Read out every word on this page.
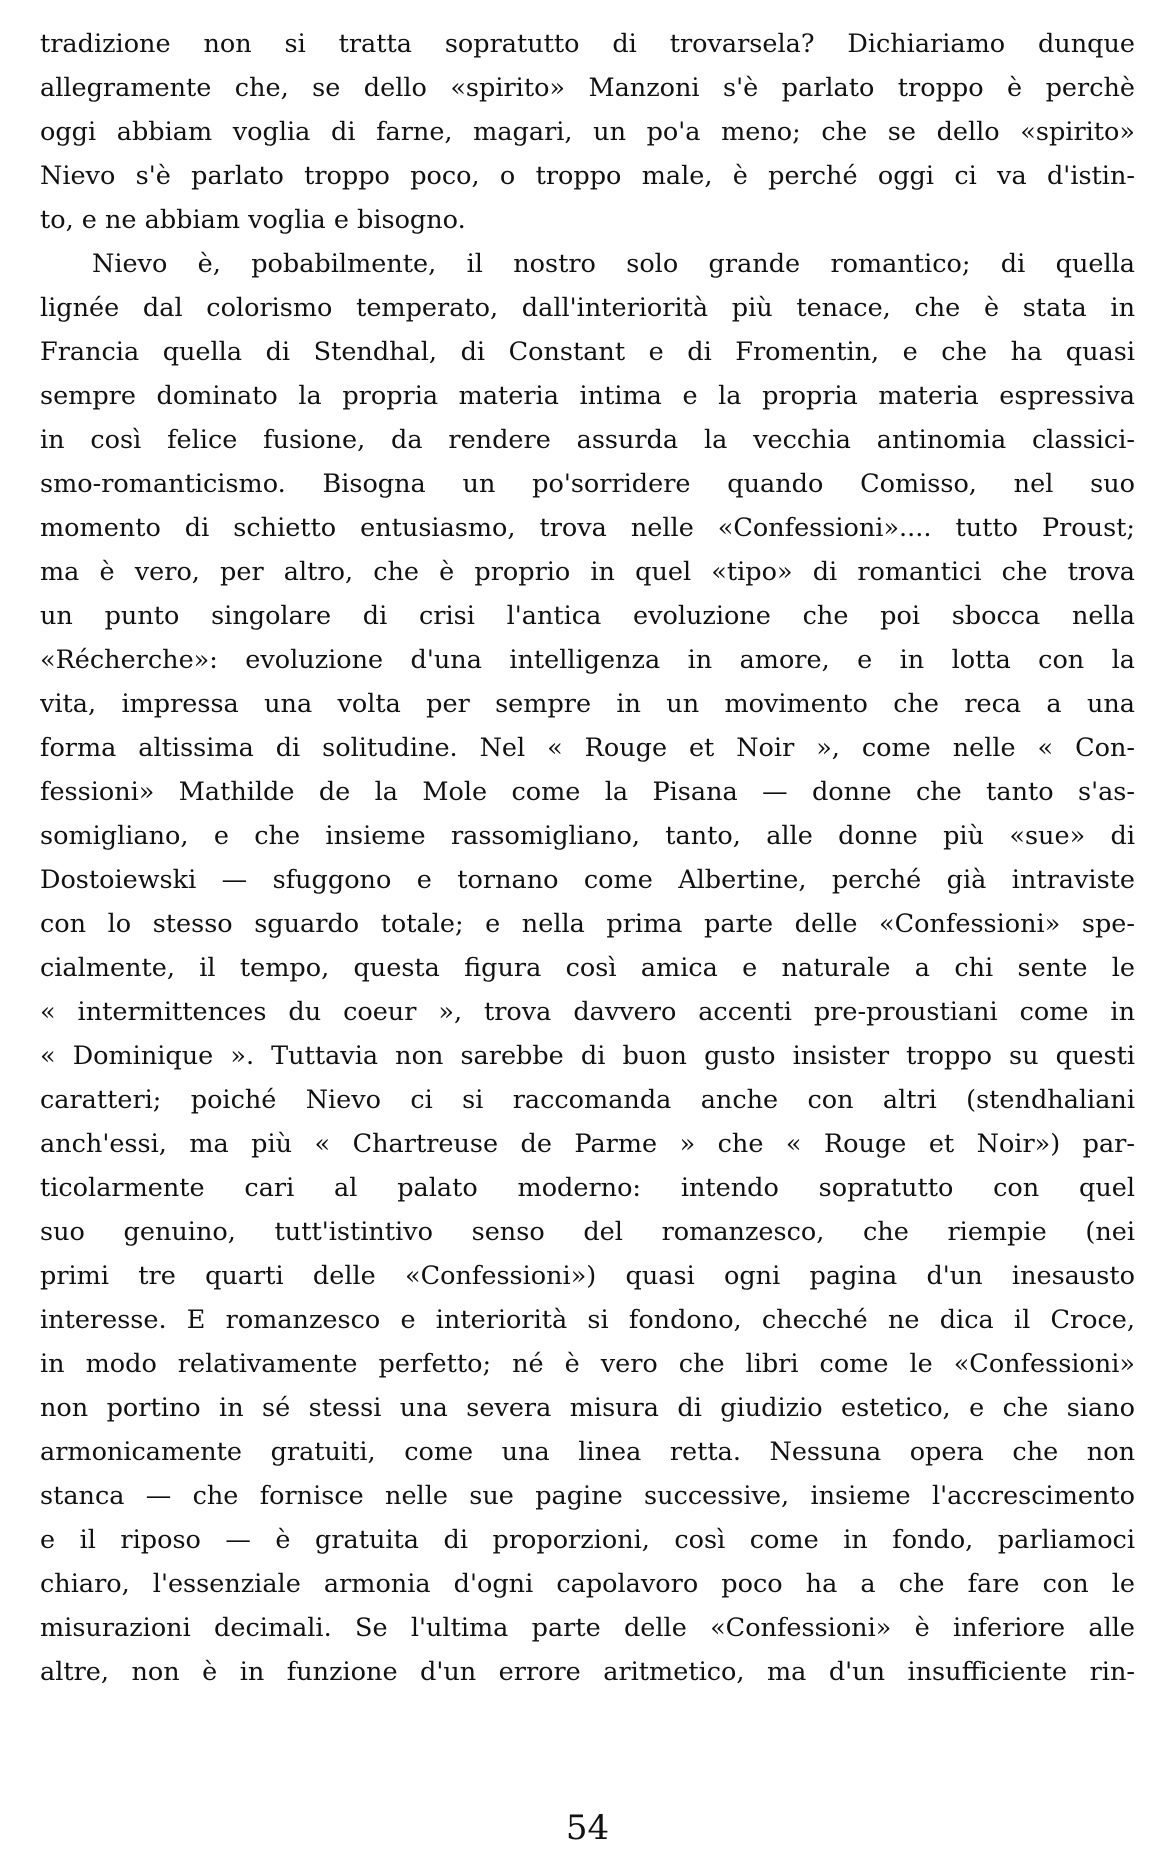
tradizione non si tratta sopratutto di trovarsela? Dichiariamo dunque
allegramente che, se dello «spirito» Manzoni s'è parlato troppo è perchè
oggi abbiam voglia di farne, magari, un po'a meno; che se dello «spirito»
Nievo s'è parlato troppo poco, o troppo male, è perché oggi ci va d'istin-
to, e ne abbiam voglia e bisogno.

Nievo è, pobabilmente, il nostro solo grande romantico; di quella
lignée dal colorismo temperato, dall'interiorità più tenace, che è stata in
Francia quella di Stendhal, di Constant e di Fromentin, e che ha quasi
sempre dominato la propria materia intima e la propria materia espressiva
in così felice fusione, da rendere assurda la vecchia antinomia classici-
smo-romanticismo. Bisogna un po'sorridere quando Comisso, nel suo
momento di schietto entusiasmo, trova nelle «Confessioni».... tutto Proust;
ma è vero, per altro, che è proprio in quel «tipo» di romantici che trova
un punto singolare di crisi l'antica evoluzione che poi sbocca nella
«Récherche»: evoluzione d'una intelligenza in amore, e in lotta con la
vita, impressa una volta per sempre in un movimento che reca a una
forma altissima di solitudine. Nel « Rouge et Noir », come nelle « Con-
fessioni» Mathilde de la Mole come la Pisana — donne che tanto s'as-
somigliano, e che insieme rassomigliano, tanto, alle donne più «sue» di
Dostoiewski — sfuggono e tornano come Albertine, perché già intraviste
con lo stesso sguardo totale; e nella prima parte delle «Confessioni» spe-
cialmente, il tempo, questa figura così amica e naturale a chi sente le
« intermittences du coeur », trova davvero accenti pre-proustiani come in
« Dominique ». Tuttavia non sarebbe di buon gusto insister troppo su questi
caratteri; poiché Nievo ci si raccomanda anche con altri (stendhaliani
anch'essi, ma più « Chartreuse de Parme » che « Rouge et Noir») par-
ticolarmente cari al palato moderno: intendo sopratutto con quel
suo genuino, tutt'istintivo senso del romanzesco, che riempie (nei
primi tre quarti delle «Confessioni») quasi ogni pagina d'un inesausto
interesse. E romanzesco e interiorità si fondono, checché ne dica il Croce,
in modo relativamente perfetto; né è vero che libri come le «Confessioni»
non portino in sé stessi una severa misura di giudizio estetico, e che siano
armonicamente gratuiti, come una linea retta. Nessuna opera che non
stanca — che fornisce nelle sue pagine successive, insieme l'accrescimento
e il riposo — è gratuita di proporzioni, così come in fondo, parliamoci
chiaro, l'essenziale armonia d'ogni capolavoro poco ha a che fare con le
misurazioni decimali. Se l'ultima parte delle «Confessioni» è inferiore alle
altre, non è in funzione d'un errore aritmetico, ma d'un insufficiente rin-

54
